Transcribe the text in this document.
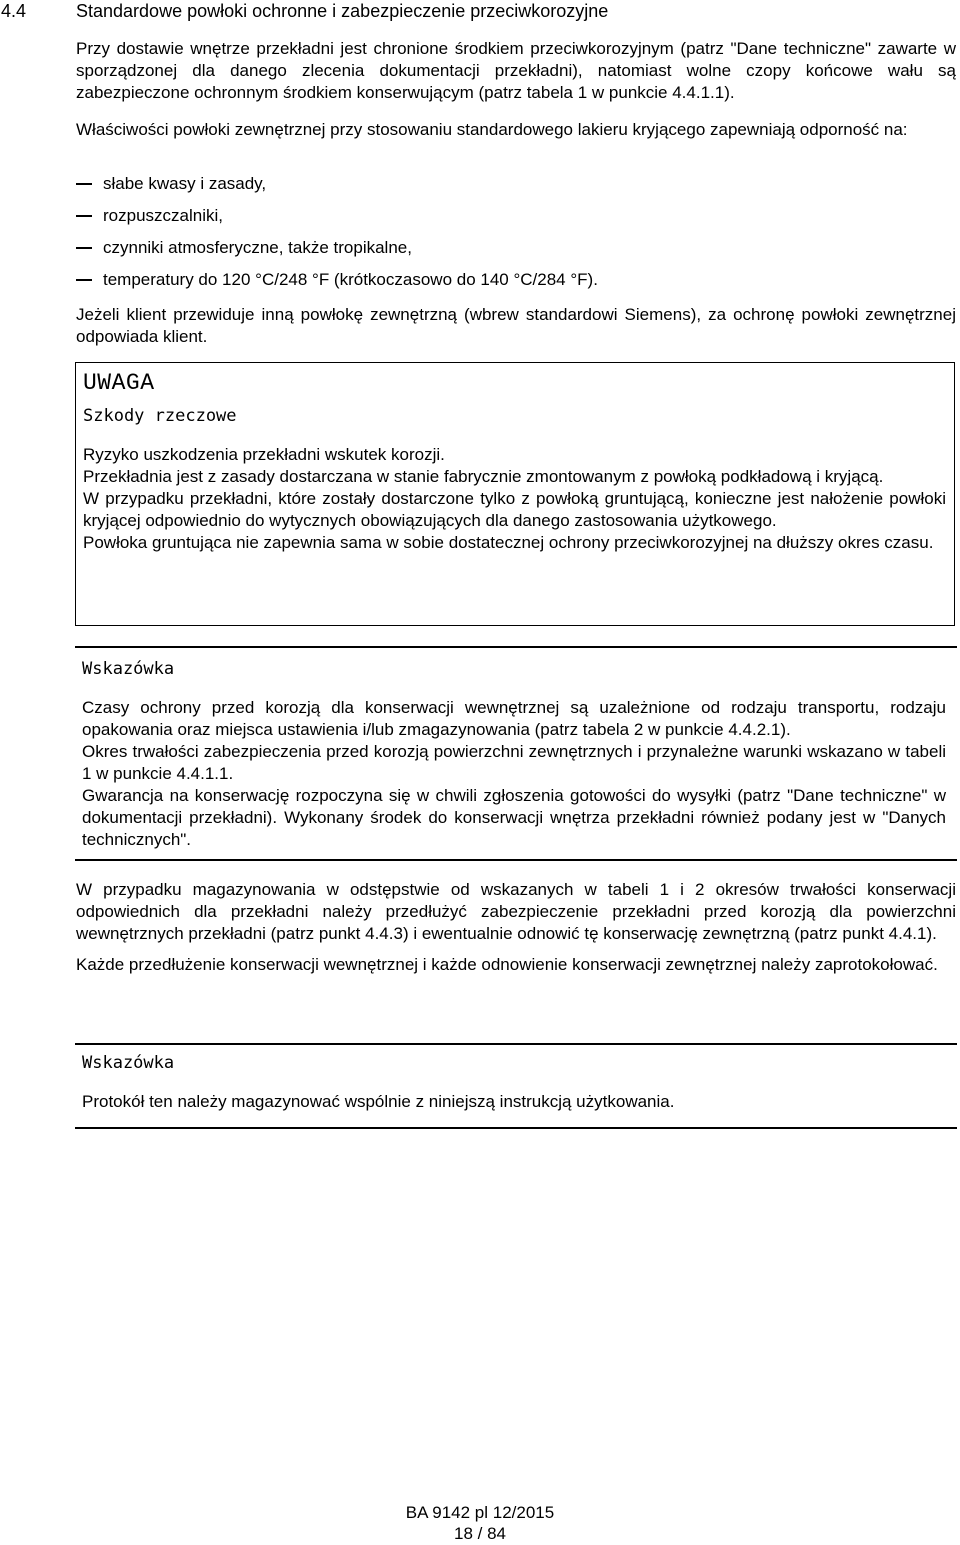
4.4	Standardowe powłoki ochronne i zabezpieczenie przeciwkorozyjne

Przy dostawie wnętrze przekładni jest chronione środkiem przeciwkorozyjnym (patrz "Dane techniczne" zawarte w sporządzonej dla danego zlecenia dokumentacji przekładni), natomiast wolne czopy końcowe wału są zabezpieczone ochronnym środkiem konserwującym (patrz tabela 1 w punkcie 4.4.1.1).

Właściwości powłoki zewnętrznej przy stosowaniu standardowego lakieru kryjącego zapewniają odporność na:

słabe kwasy i zasady,
rozpuszczalniki,
czynniki atmosferyczne, także tropikalne,
temperatury do 120 °C/248 °F (krótkoczasowo do 140 °C/284 °F).

Jeżeli klient przewiduje inną powłokę zewnętrzną (wbrew standardowi Siemens), za ochronę powłoki zewnętrznej odpowiada klient.

UWAGA
Szkody rzeczowe

Ryzyko uszkodzenia przekładni wskutek korozji.

Przekładnia jest z zasady dostarczana w stanie fabrycznie zmontowanym z powłoką podkładową i kryjącą.

W przypadku przekładni, które zostały dostarczone tylko z powłoką gruntującą, konieczne jest nałożenie powłoki kryjącej odpowiednio do wytycznych obowiązujących dla danego zastosowania użytkowego.

Powłoka gruntująca nie zapewnia sama w sobie dostatecznej ochrony przeciwkorozyjnej na dłuższy okres czasu.

Wskazówka

Czasy ochrony przed korozją dla konserwacji wewnętrznej są uzależnione od rodzaju transportu, rodzaju opakowania oraz miejsca ustawienia i/lub zmagazynowania (patrz tabela 2 w punkcie 4.4.2.1).

Okres trwałości zabezpieczenia przed korozją powierzchni zewnętrznych i przynależne warunki wskazano w tabeli 1 w punkcie 4.4.1.1.

Gwarancja na konserwację rozpoczyna się w chwili zgłoszenia gotowości do wysyłki (patrz "Dane techniczne" w dokumentacji przekładni). Wykonany środek do konserwacji wnętrza przekładni również podany jest w "Danych technicznych".

W przypadku magazynowania w odstępstwie od wskazanych w tabeli 1 i 2 okresów trwałości konserwacji odpowiednich dla przekładni należy przedłużyć zabezpieczenie przekładni przed korozją dla powierzchni wewnętrznych przekładni (patrz punkt 4.4.3) i ewentualnie odnowić tę konserwację zewnętrzną (patrz punkt 4.4.1).

Każde przedłużenie konserwacji wewnętrznej i każde odnowienie konserwacji zewnętrznej należy zaprotokołować.

Wskazówka
Protokół ten należy magazynować wspólnie z niniejszą instrukcją użytkowania.
BA 9142 pl 12/2015
18 / 84
